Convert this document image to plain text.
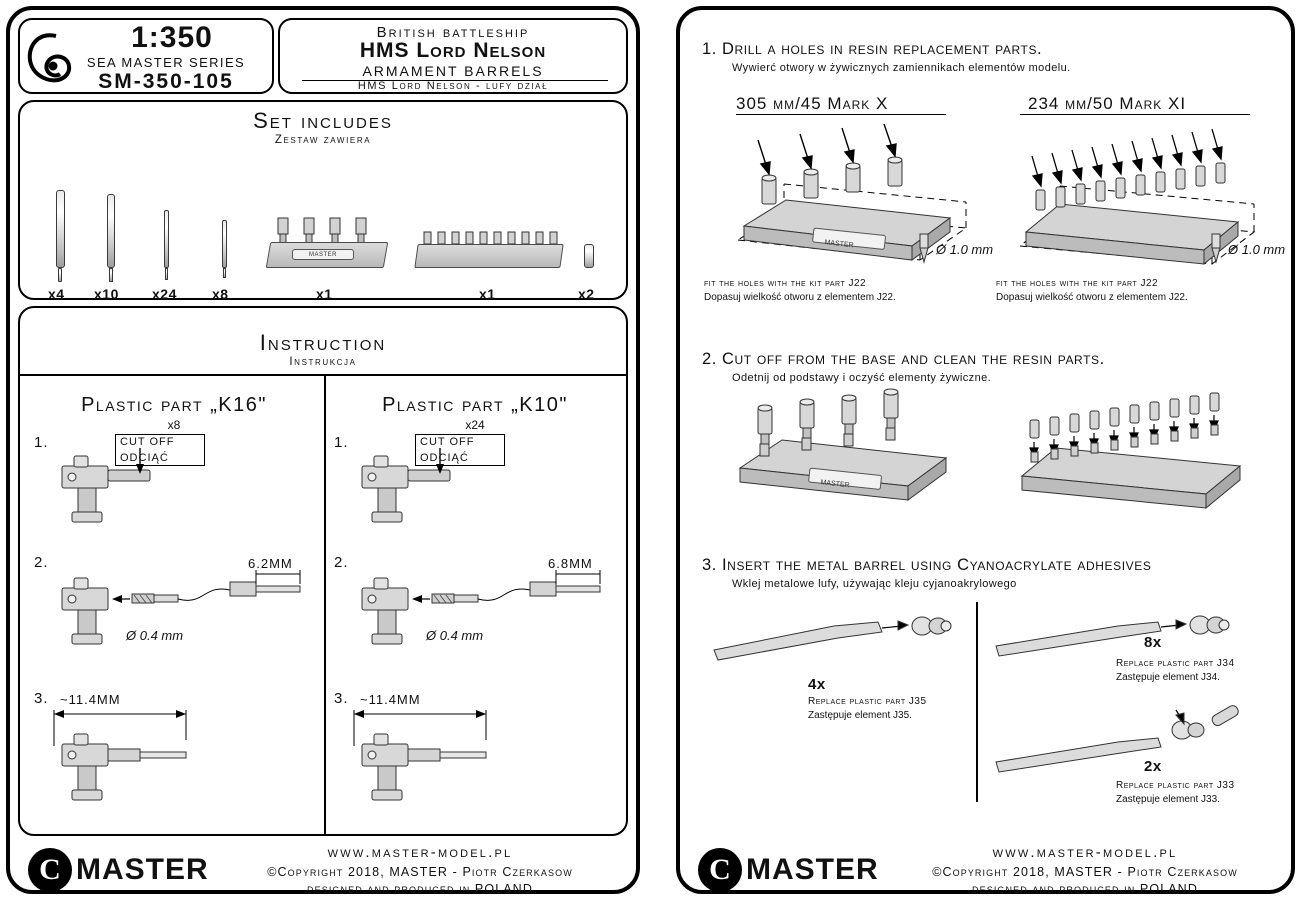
1:350
SEA MASTER SERIES
SM-350-105
British battleship
HMS Lord Nelson
ARMAMENT BARRELS
HMS Lord Nelson - lufy dział
Set includes
Zestaw zawiera
x4 x10 x24	x8
MASTER
x1	x1	x2
Instruction
Instrukcja
Plastic part „K16"
x8
1.	CUT OFF
ODCIĄĆ
2.	6.2MM
Ø 0.4 mm
3. ~11.4MM
Plastic part „K10"
x24
1.	CUT OFF
ODCIĄĆ
2.	6.8MM
Ø 0.4 mm
3. ~11.4MM
C MASTER
www.master-model.pl
©Copyright 2018, MASTER - Piotr Czerkasow
designed and produced in POLAND
1. Drill a holes in resin replacement parts.
Wywierć otwory w żywicznych zamiennikach elementów modelu.
305 mm/45 Mark X
MASTER	Ø 1.0 mm
fit the holes with the kit part J22
Dopasuj wielkość otworu z elementem J22.
234 mm/50 Mark XI
Ø 1.0 mm
fit the holes with the kit part J22
Dopasuj wielkość otworu z elementem J22.
2. Cut off from the base and clean the resin parts.
Odetnij od podstawy i oczyść elementy żywiczne.
MASTER
3. Insert the metal barrel using Cyanoacrylate adhesives
Wklej metalowe lufy, używając kleju cyjanoakrylowego
4x
Replace plastic part J35
Zastępuje element J35.
8x
Replace plastic part J34
Zastępuje element J34.
2x
Replace plastic part J33
Zastępuje element J33.
C MASTER
www.master-model.pl
©Copyright 2018, MASTER - Piotr Czerkasow
designed and produced in POLAND
